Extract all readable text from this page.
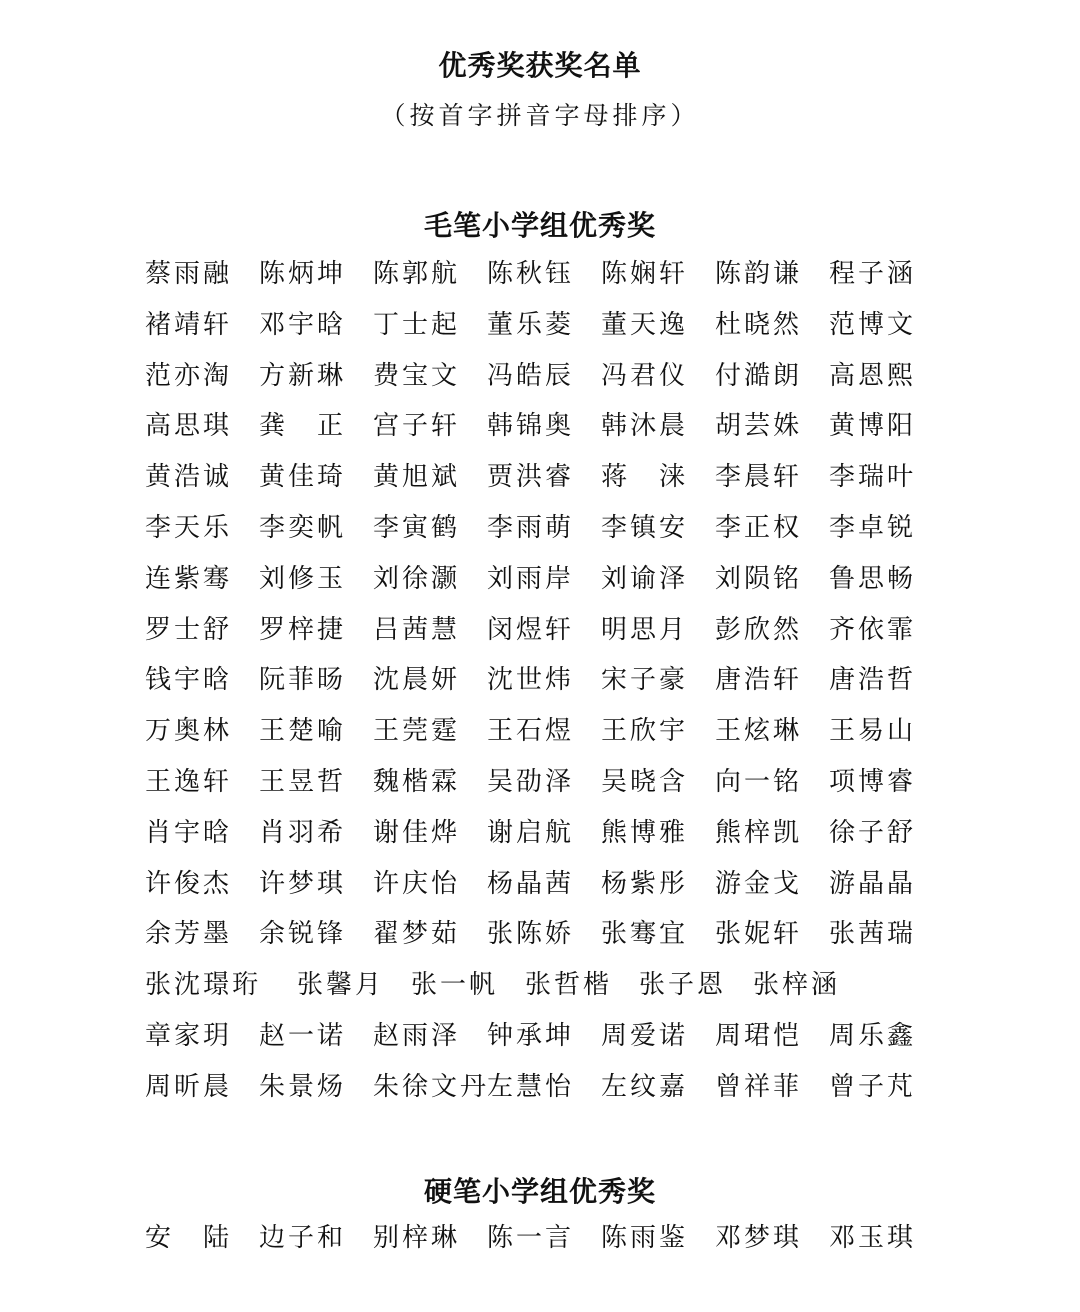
优秀奖获奖名单
（按首字拼音字母排序）
毛笔小学组优秀奖
蔡雨融 陈炳坤 陈郭航 陈秋钰 陈娴轩 陈韵谦 程子涵
褚靖轩 邓宇晗 丁士起 董乐菱 董天逸 杜晓然 范博文
范亦淘 方新琳 费宝文 冯皓辰 冯君仪 付澔朗 高恩熙
高思琪 龚　正 宫子轩 韩锦奥 韩沐晨 胡芸姝 黄博阳
黄浩诚 黄佳琦 黄旭斌 贾洪睿 蒋　涞 李晨轩 李瑞叶
李天乐 李奕帆 李寅鹤 李雨萌 李镇安 李正权 李卓锐
连紫骞 刘修玉 刘徐灏 刘雨岸 刘谕泽 刘陨铭 鲁思畅
罗士舒 罗梓捷 吕茜慧 闵煜轩 明思月 彭欣然 齐依霏
钱宇晗 阮菲旸 沈晨妍 沈世炜 宋子豪 唐浩轩 唐浩哲
万奥林 王楚喻 王莞霆 王石煜 王欣宇 王炫琳 王易山
王逸轩 王昱哲 魏楷霖 吴劭泽 吴晓含 向一铭 项博睿
肖宇晗 肖羽希 谢佳烨 谢启航 熊博雅 熊梓凯 徐子舒
许俊杰 许梦琪 许庆怡 杨晶茜 杨紫彤 游金戈 游晶晶
余芳墨 余锐锋 翟梦茹 张陈娇 张骞宜 张妮轩 张茜瑞
张沈璟珩 张馨月 张一帆 张哲楷 张子恩 张梓涵
章家玥 赵一诺 赵雨泽 钟承坤 周爱诺 周珺恺 周乐鑫
周昕晨 朱景炀 朱徐文丹
左慧怡 左纹嘉 曾祥菲 曾子芃
硬笔小学组优秀奖
安　陆 边子和 别梓琳 陈一言 陈雨鉴 邓梦琪 邓玉琪
